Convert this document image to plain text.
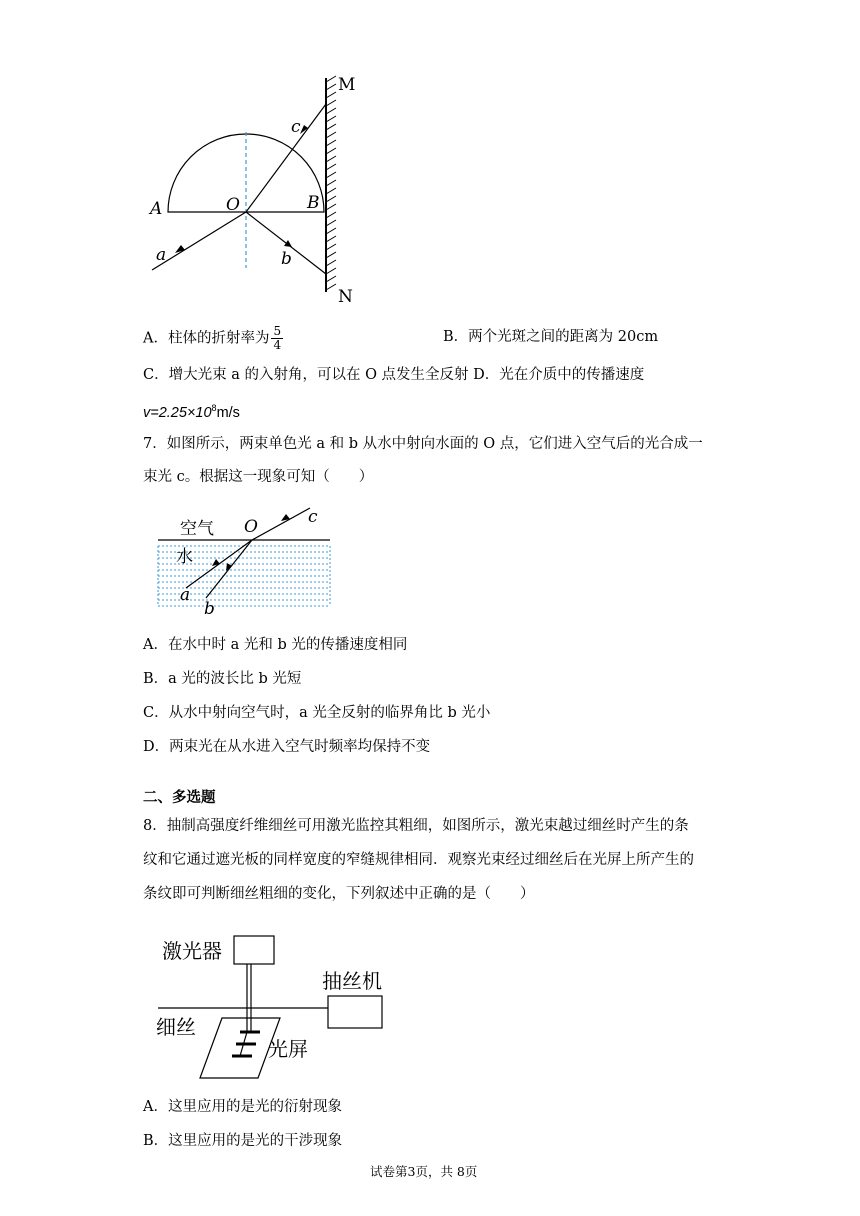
M
N
A	O	B
a	b
c
A．柱体的折射率为 $\frac{5}{4}$	B．两个光斑之间的距离为 20cm
C．增大光束 a 的入射角，可以在 O 点发生全反射 D．光在介质中的传播速度
$v=2.25\times 10^8m/s$
7．如图所示，两束单色光 a 和 b 从水中射向水面的 O 点，它们进入空气后的光合成一
束光 c。根据这一现象可知（　　）
空气
水
O
a
b
c
A．在水中时 a 光和 b 光的传播速度相同
B．a 光的波长比 b 光短
C．从水中射向空气时，a 光全反射的临界角比 b 光小
D．两束光在从水进入空气时频率均保持不变
二、多选题
8．抽制高强度纤维细丝可用激光监控其粗细，如图所示，激光束越过细丝时产生的条
纹和它通过遮光板的同样宽度的窄缝规律相同．观察光束经过细丝后在光屏上所产生的
条纹即可判断细丝粗细的变化，下列叙述中正确的是（　　）
激光器
抽丝机
细丝
光屏
A．这里应用的是光的衍射现象
B．这里应用的是光的干涉现象
试卷第3页，共 8页
